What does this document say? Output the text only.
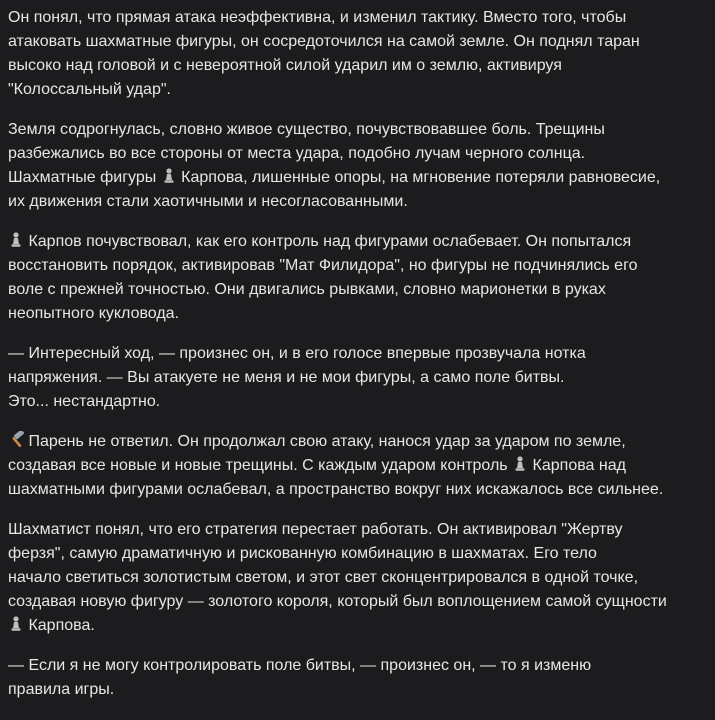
Он понял, что прямая атака неэффективна, и изменил тактику. Вместо того, чтобы
атаковать шахматные фигуры, он сосредоточился на самой земле. Он поднял таран
высоко над головой и с невероятной силой ударил им о землю, активируя
"Колоссальный удар".
Земля содрогнулась, словно живое существо, почувствовавшее боль. Трещины
разбежались во все стороны от места удара, подобно лучам черного солнца.
Шахматные фигуры
Карпова, лишенные опоры, на мгновение потеряли равновесие,
их движения стали хаотичными и несогласованными.
Карпов почувствовал, как его контроль над фигурами ослабевает. Он попытался
восстановить порядок, активировав "Мат Филидора", но фигуры не подчинялись его
воле с прежней точностью. Они двигались рывками, словно марионетки в руках
неопытного кукловода.
— Интересный ход, — произнес он, и в его голосе впервые прозвучала нотка
напряжения. — Вы атакуете не меня и не мои фигуры, а само поле битвы.
Это... нестандартно.
Парень не ответил. Он продолжал свою атаку, нанося удар за ударом по земле,
создавая все новые и новые трещины. С каждым ударом контроль
Карпова над
шахматными фигурами ослабевал, а пространство вокруг них искажалось все сильнее.
Шахматист понял, что его стратегия перестает работать. Он активировал "Жертву
ферзя", самую драматичную и рискованную комбинацию в шахматах. Его тело
начало светиться золотистым светом, и этот свет сконцентрировался в одной точке,
создавая новую фигуру — золотого короля, который был воплощением самой сущности
Карпова.
— Если я не могу контролировать поле битвы, — произнес он, — то я изменю
правила игры.
